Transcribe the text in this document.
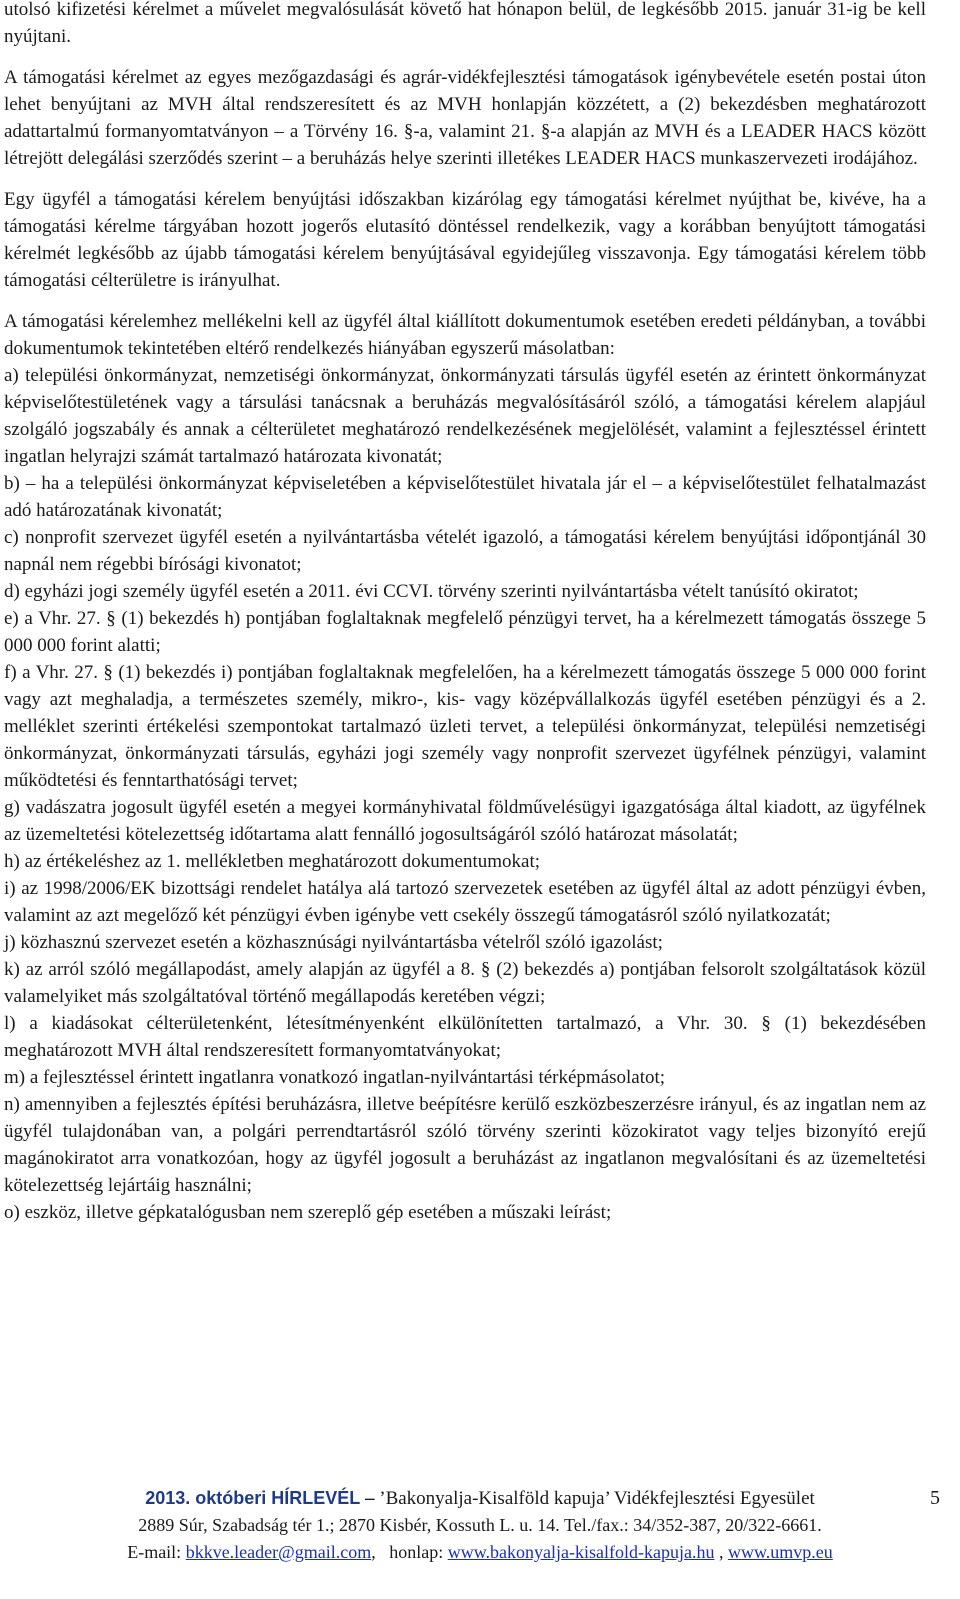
utolsó kifizetési kérelmet a művelet megvalósulását követő hat hónapon belül, de legkésőbb 2015. január 31-ig be kell nyújtani.

A támogatási kérelmet az egyes mezőgazdasági és agrár-vidékfejlesztési támogatások igénybevétele esetén postai úton lehet benyújtani az MVH által rendszeresített és az MVH honlapján közzétett, a (2) bekezdésben meghatározott adattartalmú formanyomtatványon – a Törvény 16. §-a, valamint 21. §-a alapján az MVH és a LEADER HACS között létrejött delegálási szerződés szerint – a beruházás helye szerinti illetékes LEADER HACS munkaszervezeti irodájához.

Egy ügyfél a támogatási kérelem benyújtási időszakban kizárólag egy támogatási kérelmet nyújthat be, kivéve, ha a támogatási kérelme tárgyában hozott jogerős elutasító döntéssel rendelkezik, vagy a korábban benyújtott támogatási kérelmét legkésőbb az újabb támogatási kérelem benyújtásával egyidejűleg visszavonja. Egy támogatási kérelem több támogatási célterületre is irányulhat.

A támogatási kérelemhez mellékelni kell az ügyfél által kiállított dokumentumok esetében eredeti példányban, a további dokumentumok tekintetében eltérő rendelkezés hiányában egyszerű másolatban:

a) települési önkormányzat, nemzetiségi önkormányzat, önkormányzati társulás ügyfél esetén az érintett önkormányzat képviselőtestületének vagy a társulási tanácsnak a beruházás megvalósításáról szóló, a támogatási kérelem alapjául szolgáló jogszabály és annak a célterületet meghatározó rendelkezésének megjelölését, valamint a fejlesztéssel érintett ingatlan helyrajzi számát tartalmazó határozata kivonatát;

b) – ha a települési önkormányzat képviseletében a képviselőtestület hivatala jár el – a képviselőtestület felhatalmazást adó határozatának kivonatát;

c) nonprofit szervezet ügyfél esetén a nyilvántartásba vételét igazoló, a támogatási kérelem benyújtási időpontjánál 30 napnál nem régebbi bírósági kivonatot;

d) egyházi jogi személy ügyfél esetén a 2011. évi CCVI. törvény szerinti nyilvántartásba vételt tanúsító okiratot;

e) a Vhr. 27. § (1) bekezdés h) pontjában foglaltaknak megfelelő pénzügyi tervet, ha a kérelmezett támogatás összege 5 000 000 forint alatti;

f) a Vhr. 27. § (1) bekezdés i) pontjában foglaltaknak megfelelően, ha a kérelmezett támogatás összege 5 000 000 forint vagy azt meghaladja, a természetes személy, mikro-, kis- vagy középvállalkozás ügyfél esetében pénzügyi és a 2. melléklet szerinti értékelési szempontokat tartalmazó üzleti tervet, a települési önkormányzat, települési nemzetiségi önkormányzat, önkormányzati társulás, egyházi jogi személy vagy nonprofit szervezet ügyfélnek pénzügyi, valamint működtetési és fenntarthatósági tervet;

g) vadászatra jogosult ügyfél esetén a megyei kormányhivatal földművelésügyi igazgatósága által kiadott, az ügyfélnek az üzemeltetési kötelezettség időtartama alatt fennálló jogosultságáról szóló határozat másolatát;

h) az értékeléshez az 1. mellékletben meghatározott dokumentumokat;

i) az 1998/2006/EK bizottsági rendelet hatálya alá tartozó szervezetek esetében az ügyfél által az adott pénzügyi évben, valamint az azt megelőző két pénzügyi évben igénybe vett csekély összegű támogatásról szóló nyilatkozatát;

j) közhasznú szervezet esetén a közhasznúsági nyilvántartásba vételről szóló igazolást;

k) az arról szóló megállapodást, amely alapján az ügyfél a 8. § (2) bekezdés a) pontjában felsorolt szolgáltatások közül valamelyiket más szolgáltatóval történő megállapodás keretében végzi;

l) a kiadásokat célterületenként, létesítményenként elkülönítetten tartalmazó, a Vhr. 30. § (1) bekezdésében meghatározott MVH által rendszeresített formanyomtatványokat;

m) a fejlesztéssel érintett ingatlanra vonatkozó ingatlan-nyilvántartási térképmásolatot;

n) amennyiben a fejlesztés építési beruházásra, illetve beépítésre kerülő eszközbeszerzésre irányul, és az ingatlan nem az ügyfél tulajdonában van, a polgári perrendtartásról szóló törvény szerinti közokiratot vagy teljes bizonyító erejű magánokiratot arra vonatkozóan, hogy az ügyfél jogosult a beruházást az ingatlanon megvalósítani és az üzemeltetési kötelezettség lejártáig használni;

o) eszköz, illetve gépkatalógusban nem szereplő gép esetében a műszaki leírást;

2013. októberi HÍRLEVÉL – ’Bakonyalja-Kisalföld kapuja’ Vidékfejlesztési Egyesület
2889 Súr, Szabadság tér 1.; 2870 Kisbér, Kossuth L. u. 14. Tel./fax.: 34/352-387, 20/322-6661.
E-mail: bkkve.leader@gmail.com, honlap: www.bakonyalja-kisalfold-kapuja.hu , www.umvp.eu
5
